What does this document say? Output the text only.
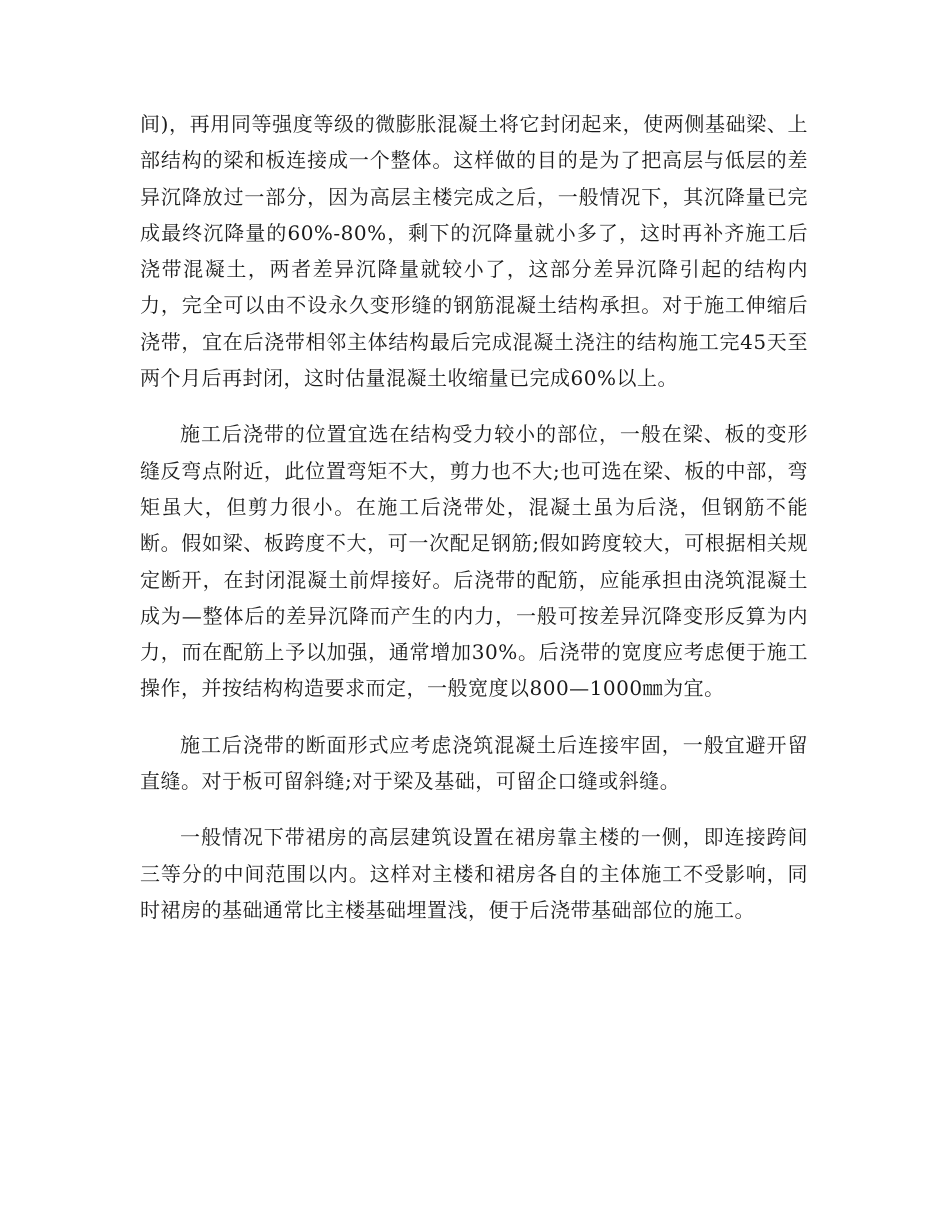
间)，再用同等强度等级的微膨胀混凝土将它封闭起来，使两侧基础梁、上部结构的梁和板连接成一个整体。这样做的目的是为了把高层与低层的差异沉降放过一部分，因为高层主楼完成之后，一般情况下，其沉降量已完成最终沉降量的60%-80%，剩下的沉降量就小多了，这时再补齐施工后浇带混凝土，两者差异沉降量就较小了，这部分差异沉降引起的结构内力，完全可以由不设永久变形缝的钢筋混凝土结构承担。对于施工伸缩后浇带，宜在后浇带相邻主体结构最后完成混凝土浇注的结构施工完45天至两个月后再封闭，这时估量混凝土收缩量已完成60%以上。

施工后浇带的位置宜选在结构受力较小的部位，一般在梁、板的变形缝反弯点附近，此位置弯矩不大，剪力也不大;也可选在梁、板的中部，弯矩虽大，但剪力很小。在施工后浇带处，混凝土虽为后浇，但钢筋不能断。假如梁、板跨度不大，可一次配足钢筋;假如跨度较大，可根据相关规定断开，在封闭混凝土前焊接好。后浇带的配筋，应能承担由浇筑混凝土成为—整体后的差异沉降而产生的内力，一般可按差异沉降变形反算为内力，而在配筋上予以加强，通常增加30%。后浇带的宽度应考虑便于施工操作，并按结构构造要求而定，一般宽度以800—1000㎜为宜。

施工后浇带的断面形式应考虑浇筑混凝土后连接牢固，一般宜避开留直缝。对于板可留斜缝;对于梁及基础，可留企口缝或斜缝。

一般情况下带裙房的高层建筑设置在裙房靠主楼的一侧，即连接跨间三等分的中间范围以内。这样对主楼和裙房各自的主体施工不受影响，同时裙房的基础通常比主楼基础埋置浅，便于后浇带基础部位的施工。
